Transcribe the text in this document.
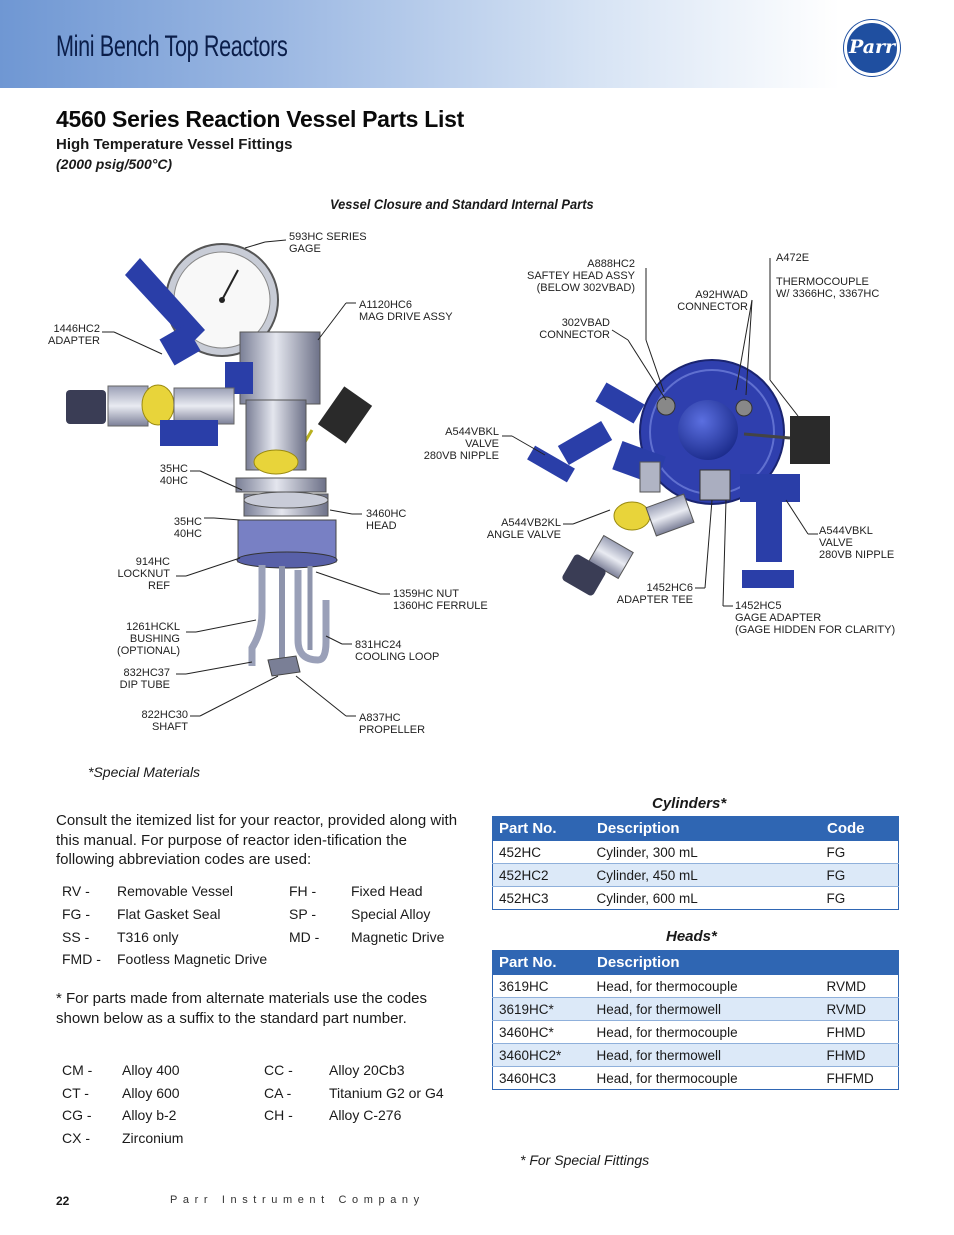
Mini Bench Top Reactors	Parr
4560 Series Reaction Vessel Parts List
High Temperature Vessel Fittings
(2000 psig/500°C)
Vessel Closure and Standard Internal Parts
593HC SERIES
GAGE
A1120HC6
MAG DRIVE ASSY
1446HC2
ADAPTER
35HC
40HC
35HC
40HC
3460HC
HEAD
914HC
LOCKNUT
REF
1359HC NUT
1360HC FERRULE
1261HCKL
BUSHING
(OPTIONAL)	831HC24
COOLING LOOP
832HC37
DIP TUBE
822HC30
SHAFT
A837HC
PROPELLER
A888HC2
SAFTEY HEAD ASSY
(BELOW 302VBAD)
A472E

THERMOCOUPLE
W/ 3366HC, 3367HC
A92HWAD
CONNECTOR
302VBAD
CONNECTOR
A544VBKL
VALVE
280VB NIPPLE
A544VB2KL
ANGLE VALVE	A544VBKL
VALVE
280VB NIPPLE
1452HC6
ADAPTER TEE	1452HC5
GAGE ADAPTER
(GAGE HIDDEN FOR CLARITY)
*Special Materials
Consult the itemized list for your reactor, provided along with this manual. For purpose of reactor iden-tification the following abbreviation codes are used:
RV - Removable Vessel	FH - Fixed Head
FG - Flat Gasket Seal	SP -	Special Alloy
SS - T316 only	MD - Magnetic Drive
FMD - Footless Magnetic Drive
* For parts made from alternate materials use the codes shown below as a suffix to the standard part number.
CM - Alloy 400	CC -	Alloy 20Cb3
CT - Alloy 600	CA -	Titanium G2 or G4
CG - Alloy b-2	CH -	Alloy C-276
CX - Zirconium
Cylinders*
Part No.	Description	Code
452HC	Cylinder, 300 mL	FG
452HC2	Cylinder, 450 mL	FG
452HC3	Cylinder, 600 mL	FG
Heads*
Part No.	Description	
3619HC	Head, for thermocouple	RVMD
3619HC*	Head, for thermowell	RVMD
3460HC*	Head, for thermocouple	FHMD
3460HC2*	Head, for thermowell	FHMD
3460HC3	Head, for thermocouple	FHFMD
* For Special Fittings
22	Parr Instrument Company
